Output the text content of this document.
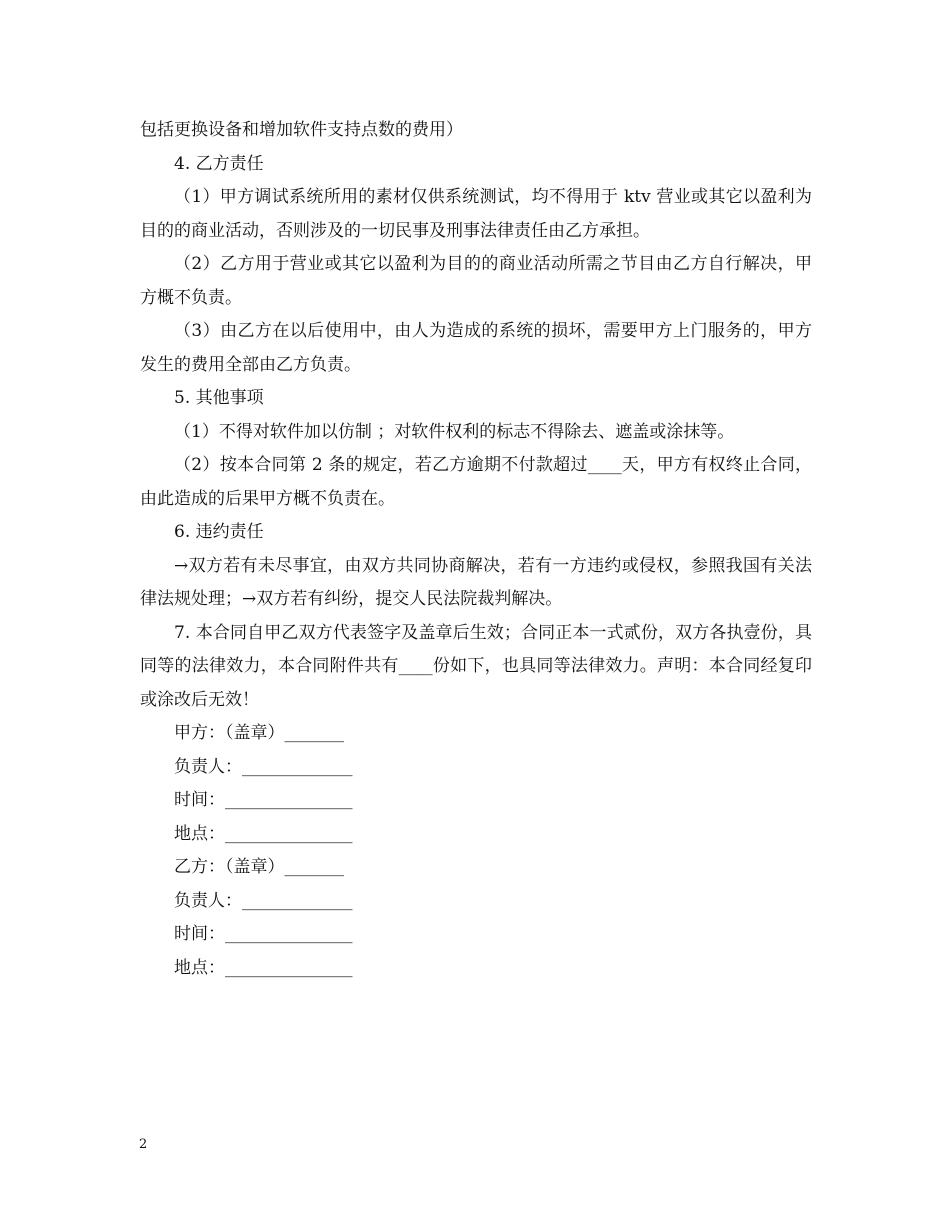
包括更换设备和增加软件支持点数的费用）

4. 乙方责任

（1）甲方调试系统所用的素材仅供系统测试，均不得用于 ktv 营业或其它以盈利为目的的商业活动，否则涉及的一切民事及刑事法律责任由乙方承担。

（2）乙方用于营业或其它以盈利为目的的商业活动所需之节目由乙方自行解决，甲方概不负责。

（3）由乙方在以后使用中，由人为造成的系统的损坏，需要甲方上门服务的，甲方发生的费用全部由乙方负责。

5. 其他事项

（1）不得对软件加以仿制 ；对软件权利的标志不得除去、遮盖或涂抹等。

（2）按本合同第 2 条的规定，若乙方逾期不付款超过____天，甲方有权终止合同，由此造成的后果甲方概不负责在。

6. 违约责任

→双方若有未尽事宜，由双方共同协商解决，若有一方违约或侵权，参照我国有关法律法规处理；→双方若有纠纷，提交人民法院裁判解决。

7. 本合同自甲乙双方代表签字及盖章后生效；合同正本一式贰份，双方各执壹份，具同等的法律效力，本合同附件共有____份如下，也具同等法律效力。声明：本合同经复印或涂改后无效！

甲方：（盖章）_______

负责人：_____________

时间：_______________

地点：_______________

乙方：（盖章）_______

负责人：_____________

时间：_______________

地点：_______________

2
